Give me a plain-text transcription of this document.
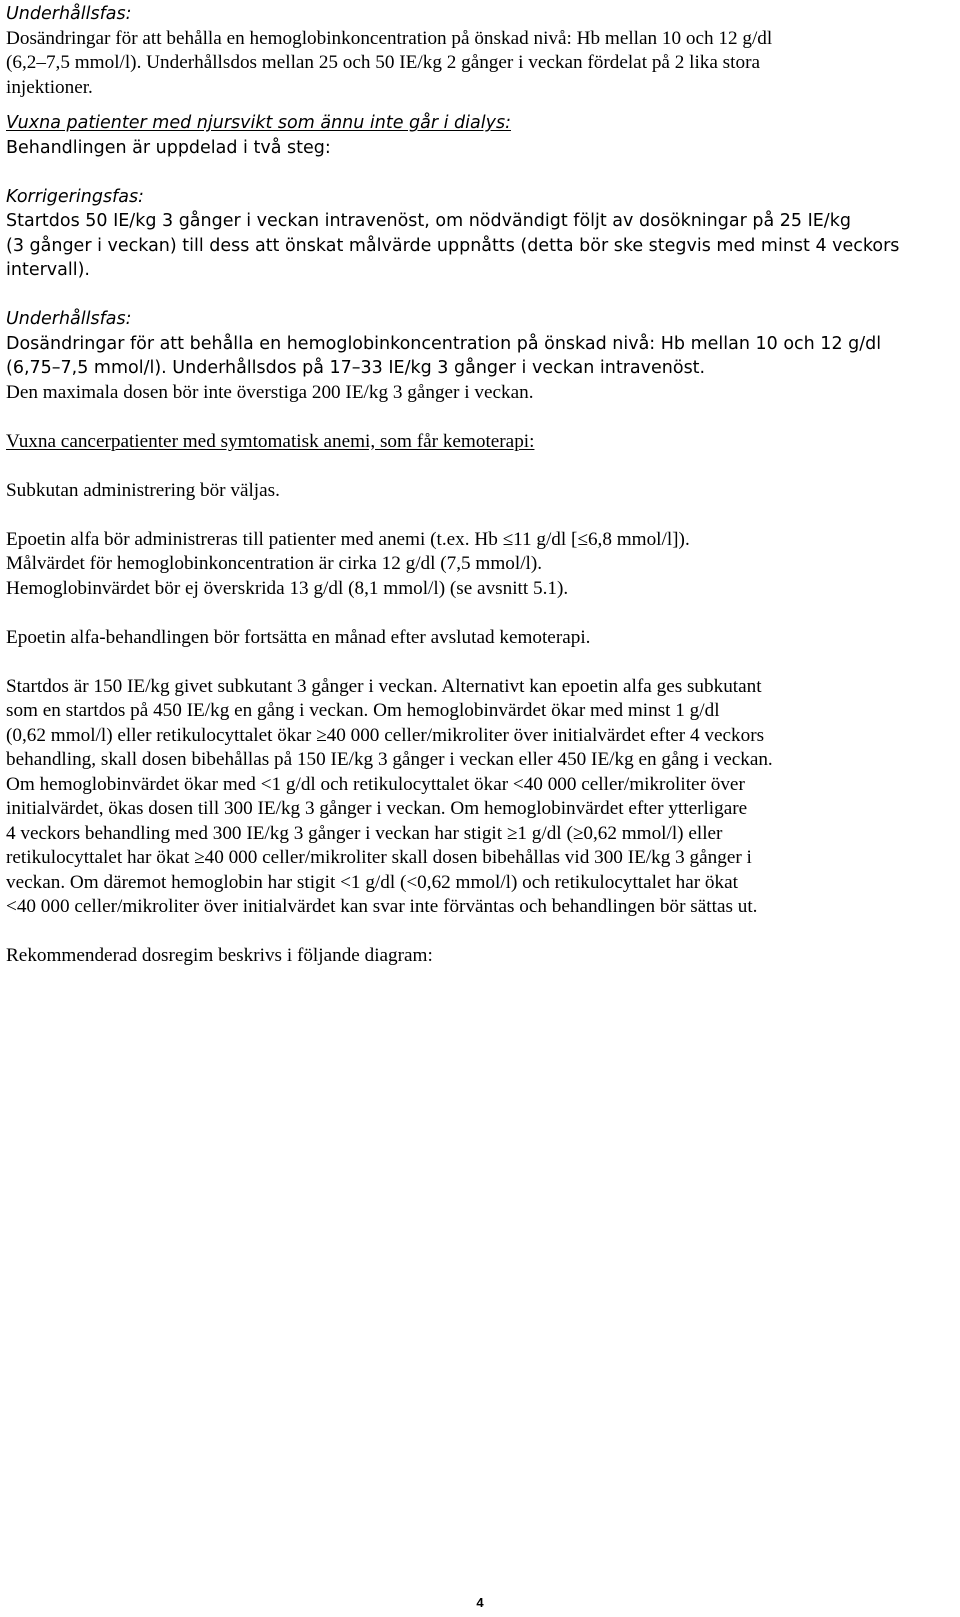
Underhållsfas:
Dosändringar för att behålla en hemoglobinkoncentration på önskad nivå: Hb mellan 10 och 12 g/dl
(6,2–7,5 mmol/l). Underhållsdos mellan 25 och 50 IE/kg 2 gånger i veckan fördelat på 2 lika stora
injektioner.
Vuxna patienter med njursvikt som ännu inte går i dialys:
Behandlingen är uppdelad i två steg:
Korrigeringsfas:
Startdos 50 IE/kg 3 gånger i veckan intravenöst, om nödvändigt följt av dosökningar på 25 IE/kg
(3 gånger i veckan) till dess att önskat målvärde uppnåtts (detta bör ske stegvis med minst 4 veckors
intervall).
Underhållsfas:
Dosändringar för att behålla en hemoglobinkoncentration på önskad nivå: Hb mellan 10 och 12 g/dl
(6,75–7,5 mmol/l). Underhållsdos på 17–33 IE/kg 3 gånger i veckan intravenöst.
Den maximala dosen bör inte överstiga 200 IE/kg 3 gånger i veckan.
Vuxna cancerpatienter med symtomatisk anemi, som får kemoterapi:
Subkutan administrering bör väljas.
Epoetin alfa bör administreras till patienter med anemi (t.ex. Hb ≤11 g/dl [≤6,8 mmol/l]).
Målvärdet för hemoglobinkoncentration är cirka 12 g/dl (7,5 mmol/l).
Hemoglobinvärdet bör ej överskrida 13 g/dl (8,1 mmol/l) (se avsnitt 5.1).
Epoetin alfa-behandlingen bör fortsätta en månad efter avslutad kemoterapi.
Startdos är 150 IE/kg givet subkutant 3 gånger i veckan. Alternativt kan epoetin alfa ges subkutant
som en startdos på 450 IE/kg en gång i veckan. Om hemoglobinvärdet ökar med minst 1 g/dl
(0,62 mmol/l) eller retikulocyttalet ökar ≥40 000 celler/mikroliter över initialvärdet efter 4 veckors
behandling, skall dosen bibehållas på 150 IE/kg 3 gånger i veckan eller 450 IE/kg en gång i veckan.
Om hemoglobinvärdet ökar med <1 g/dl och retikulocyttalet ökar <40 000 celler/mikroliter över
initialvärdet, ökas dosen till 300 IE/kg 3 gånger i veckan. Om hemoglobinvärdet efter ytterligare
4 veckors behandling med 300 IE/kg 3 gånger i veckan har stigit ≥1 g/dl (≥0,62 mmol/l) eller
retikulocyttalet har ökat ≥40 000 celler/mikroliter skall dosen bibehållas vid 300 IE/kg 3 gånger i
veckan. Om däremot hemoglobin har stigit <1 g/dl (<0,62 mmol/l) och retikulocyttalet har ökat
<40 000 celler/mikroliter över initialvärdet kan svar inte förväntas och behandlingen bör sättas ut.
Rekommenderad dosregim beskrivs i följande diagram:
4
